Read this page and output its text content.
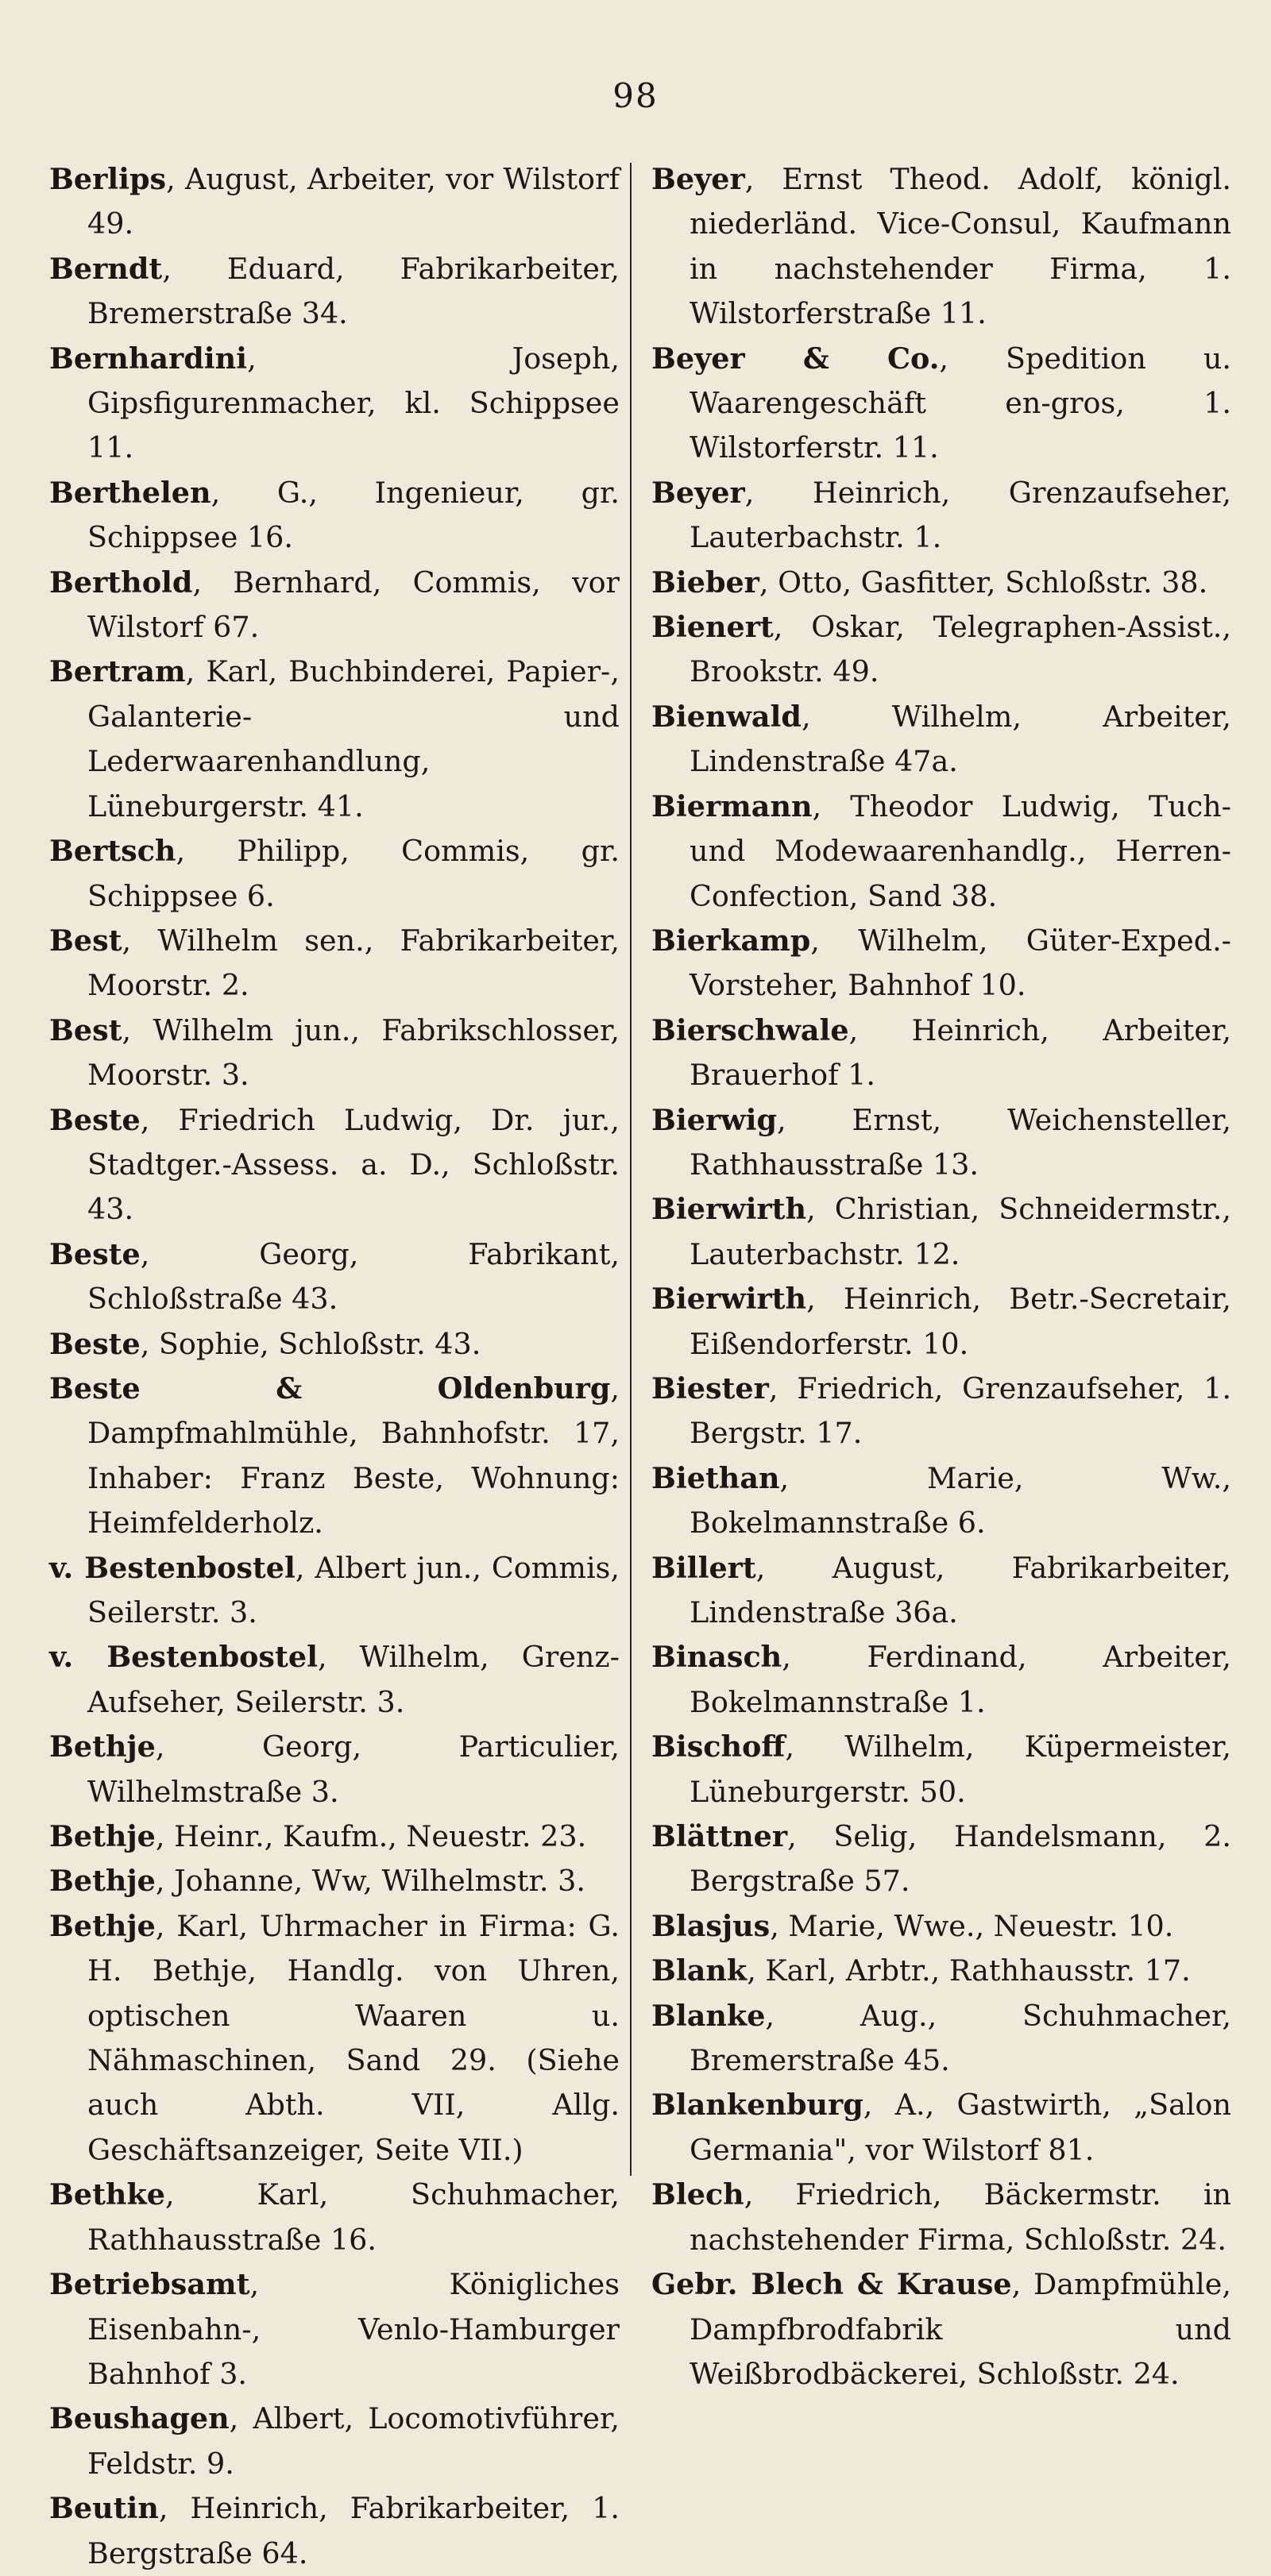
98

Berlips, August, Arbeiter, vor Wilstorf 49.

Berndt, Eduard, Fabrikarbeiter, Bremerstraße 34.

Bernhardini, Joseph, Gipsfigurenmacher, kl. Schippsee 11.

Berthelen, G., Ingenieur, gr. Schippsee 16.

Berthold, Bernhard, Commis, vor Wilstorf 67.

Bertram, Karl, Buchbinderei, Papier-, Galanterie- und Lederwaarenhandlung, Lüneburgerstr. 41.

Bertsch, Philipp, Commis, gr. Schippsee 6.

Best, Wilhelm sen., Fabrikarbeiter, Moorstr. 2.

Best, Wilhelm jun., Fabrikschlosser, Moorstr. 3.

Beste, Friedrich Ludwig, Dr. jur., Stadtger.-Assess. a. D., Schloßstr. 43.

Beste, Georg, Fabrikant, Schloßstraße 43.

Beste, Sophie, Schloßstr. 43.

Beste & Oldenburg, Dampfmahlmühle, Bahnhofstr. 17, Inhaber: Franz Beste, Wohnung: Heimfelderholz.

v. Bestenbostel, Albert jun., Commis, Seilerstr. 3.

v. Bestenbostel, Wilhelm, Grenz-Aufseher, Seilerstr. 3.

Bethje, Georg, Particulier, Wilhelmstraße 3.

Bethje, Heinr., Kaufm., Neuestr. 23.

Bethje, Johanne, Ww, Wilhelmstr. 3.

Bethje, Karl, Uhrmacher in Firma: G. H. Bethje, Handlg. von Uhren, optischen Waaren u. Nähmaschinen, Sand 29. (Siehe auch Abth. VII, Allg. Geschäftsanzeiger, Seite VII.)

Bethke, Karl, Schuhmacher, Rathhausstraße 16.

Betriebsamt, Königliches Eisenbahn-, Venlo-Hamburger Bahnhof 3.

Beushagen, Albert, Locomotivführer, Feldstr. 9.

Beutin, Heinrich, Fabrikarbeiter, 1. Bergstraße 64.

Beyer, Ernst Theod. Adolf, königl. niederländ. Vice-Consul, Kaufmann in nachstehender Firma, 1. Wilstorferstraße 11.

Beyer & Co., Spedition u. Waarengeschäft en-gros, 1. Wilstorferstr. 11.

Beyer, Heinrich, Grenzaufseher, Lauterbachstr. 1.

Bieber, Otto, Gasfitter, Schloßstr. 38.

Bienert, Oskar, Telegraphen-Assist., Brookstr. 49.

Bienwald, Wilhelm, Arbeiter, Lindenstraße 47a.

Biermann, Theodor Ludwig, Tuch- und Modewaarenhandlg., Herren-Confection, Sand 38.

Bierkamp, Wilhelm, Güter-Exped.-Vorsteher, Bahnhof 10.

Bierschwale, Heinrich, Arbeiter, Brauerhof 1.

Bierwig, Ernst, Weichensteller, Rathhausstraße 13.

Bierwirth, Christian, Schneidermstr., Lauterbachstr. 12.

Bierwirth, Heinrich, Betr.-Secretair, Eißendorferstr. 10.

Biester, Friedrich, Grenzaufseher, 1. Bergstr. 17.

Biethan, Marie, Ww., Bokelmannstraße 6.

Billert, August, Fabrikarbeiter, Lindenstraße 36a.

Binasch, Ferdinand, Arbeiter, Bokelmannstraße 1.

Bischoff, Wilhelm, Küpermeister, Lüneburgerstr. 50.

Blättner, Selig, Handelsmann, 2. Bergstraße 57.

Blasjus, Marie, Wwe., Neuestr. 10.

Blank, Karl, Arbtr., Rathhausstr. 17.

Blanke, Aug., Schuhmacher, Bremerstraße 45.

Blankenburg, A., Gastwirth, „Salon Germania", vor Wilstorf 81.

Blech, Friedrich, Bäckermstr. in nachstehender Firma, Schloßstr. 24.

Gebr. Blech & Krause, Dampfmühle, Dampfbrodfabrik und Weißbrodbäckerei, Schloßstr. 24.
